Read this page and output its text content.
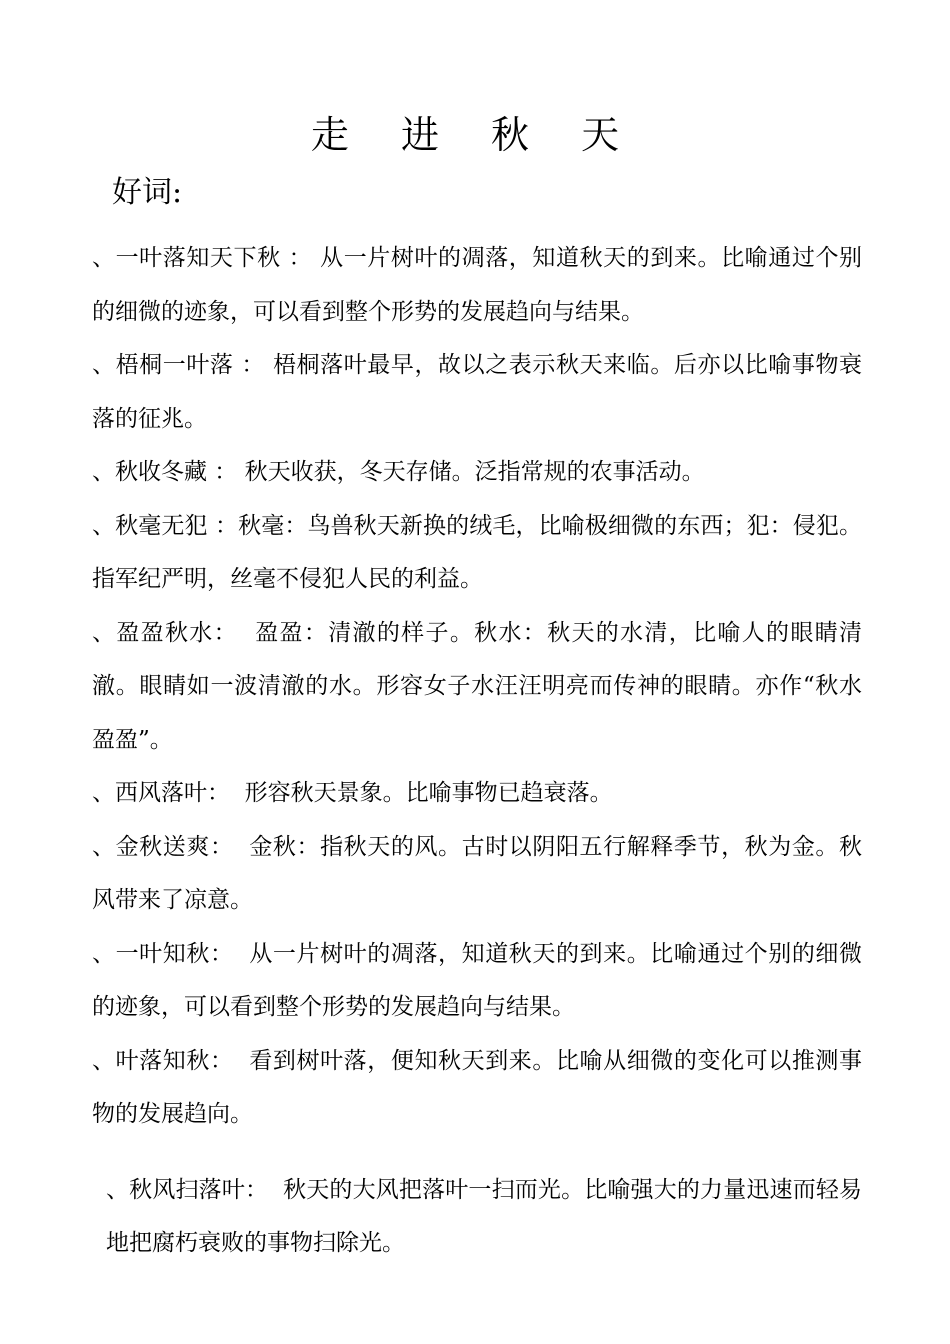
走 进 秋 天
好词:

、一叶落知天下秋 ： 从一片树叶的凋落，知道秋天的到来。比喻通过个别的细微的迹象，可以看到整个形势的发展趋向与结果。

、梧桐一叶落 ： 梧桐落叶最早，故以之表示秋天来临。后亦以比喻事物衰落的征兆。

、秋收冬藏 ： 秋天收获，冬天存储。泛指常规的农事活动。

、秋毫无犯 ：秋毫：鸟兽秋天新换的绒毛，比喻极细微的东西；犯：侵犯。指军纪严明，丝毫不侵犯人民的利益。

、盈盈秋水： 盈盈：清澈的样子。秋水：秋天的水清，比喻人的眼睛清澈。眼睛如一波清澈的水。形容女子水汪汪明亮而传神的眼睛。亦作“秋水盈盈”。

、西风落叶： 形容秋天景象。比喻事物已趋衰落。

、金秋送爽： 金秋：指秋天的风。古时以阴阳五行解释季节，秋为金。秋风带来了凉意。

、一叶知秋： 从一片树叶的凋落，知道秋天的到来。比喻通过个别的细微的迹象，可以看到整个形势的发展趋向与结果。

、叶落知秋： 看到树叶落，便知秋天到来。比喻从细微的变化可以推测事物的发展趋向。

、秋风扫落叶： 秋天的大风把落叶一扫而光。比喻强大的力量迅速而轻易地把腐朽衰败的事物扫除光。
